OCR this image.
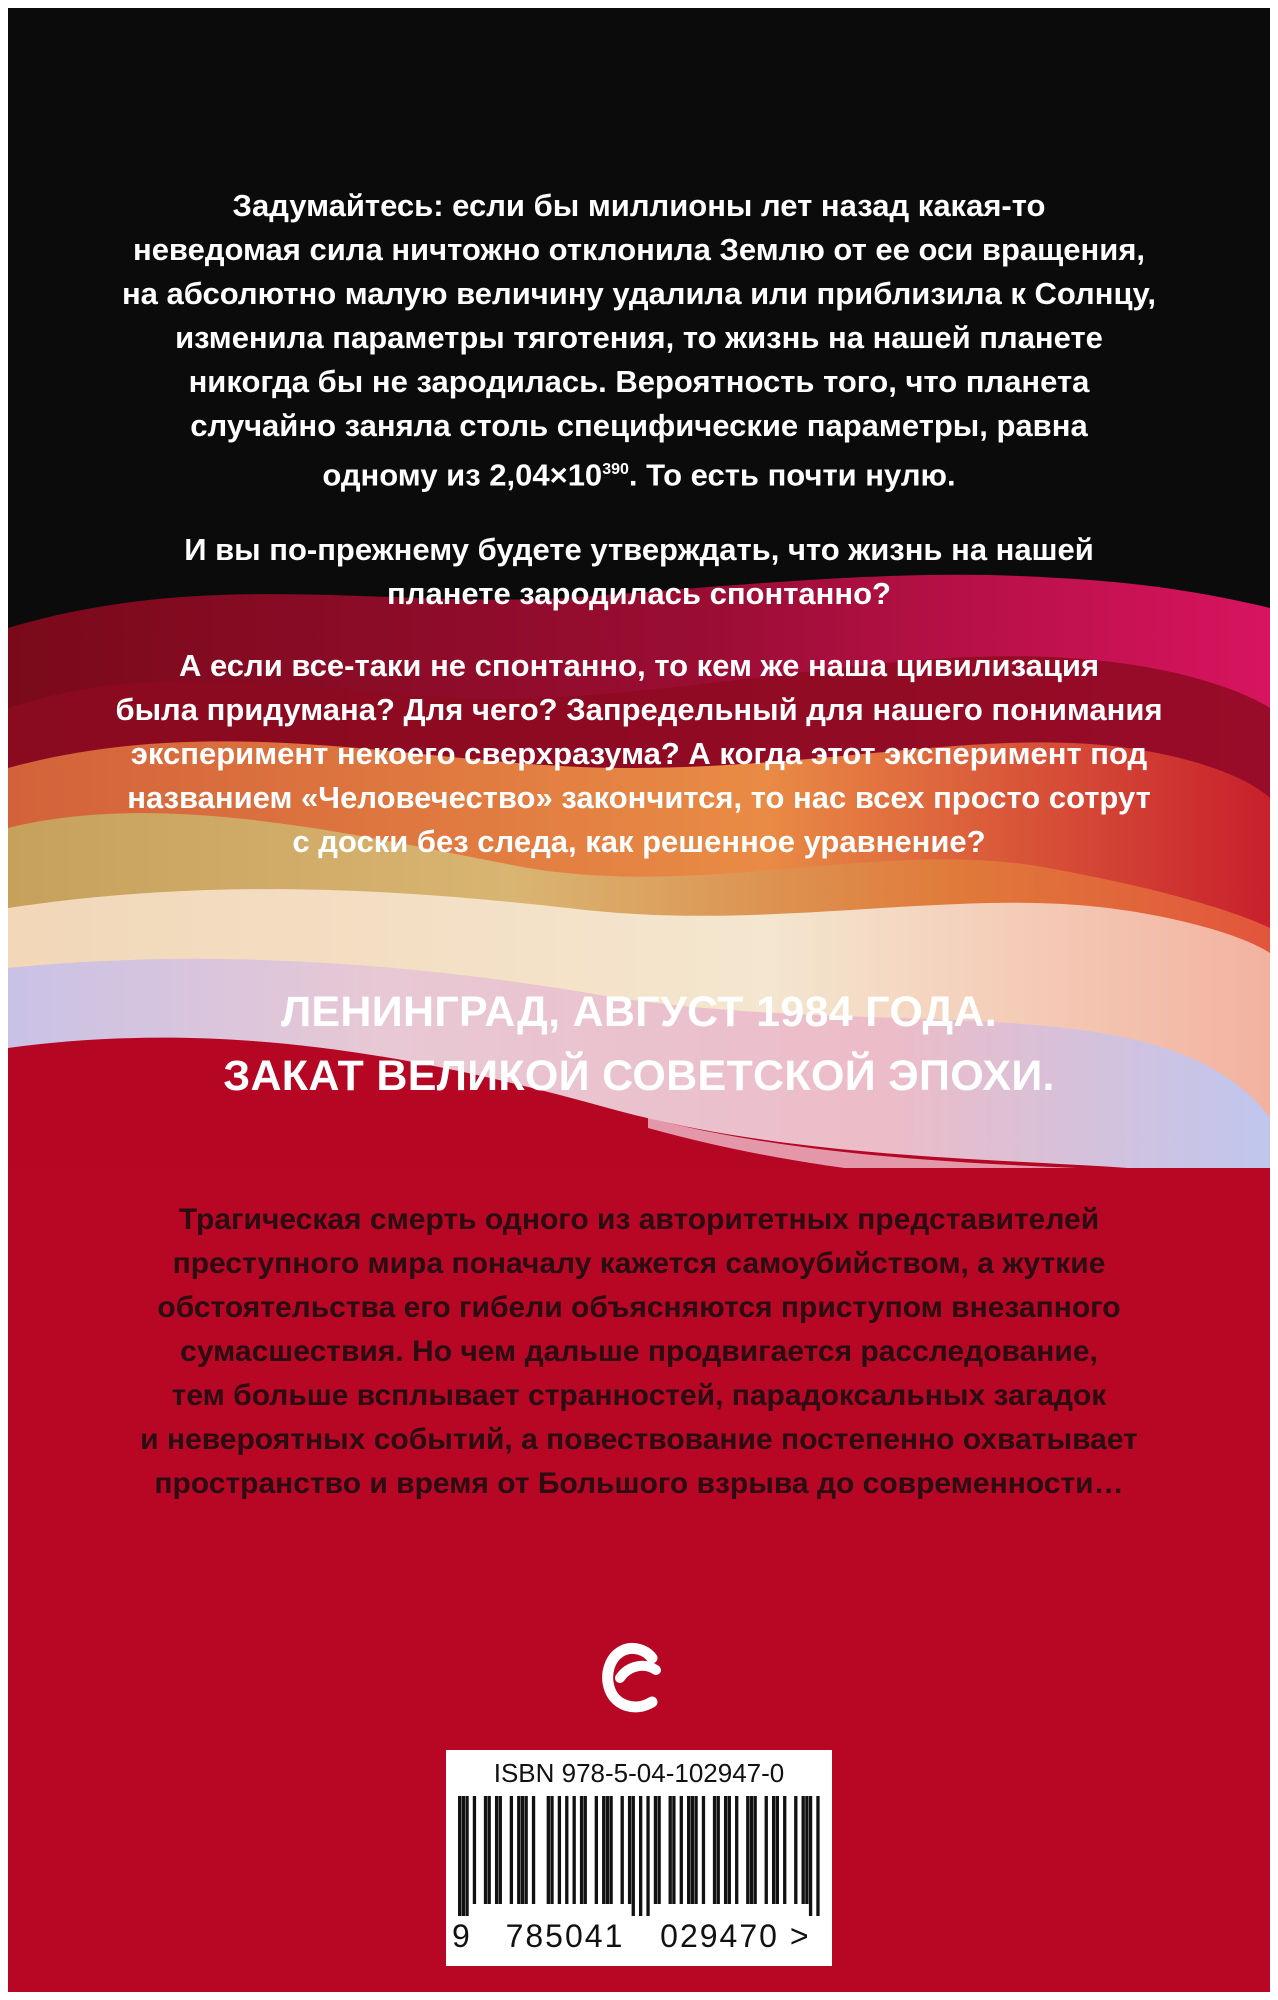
Задумайтесь: если бы миллионы лет назад какая-то
неведомая сила ничтожно отклонила Землю от ее оси вращения,
на абсолютно малую величину удалила или приблизила к Солнцу,
изменила параметры тяготения, то жизнь на нашей планете
никогда бы не зародилась. Вероятность того, что планета
случайно заняла столь специфические параметры, равна
одному из $2,04\times 10^{390}$. То есть почти нулю.
И вы по-прежнему будете утверждать, что жизнь на нашей
планете зародилась спонтанно?
А если все-таки не спонтанно, то кем же наша цивилизация
была придумана? Для чего? Запредельный для нашего понимания
эксперимент некоего сверхразума? А когда этот эксперимент под
названием «Человечество» закончится, то нас всех просто сотрут
с доски без следа, как решенное уравнение?
ЛЕНИНГРАД, АВГУСТ 1984 ГОДА.
ЗАКАТ ВЕЛИКОЙ СОВЕТСКОЙ ЭПОХИ.
Трагическая смерть одного из авторитетных представителей
преступного мира поначалу кажется самоубийством, а жуткие
обстоятельства его гибели объясняются приступом внезапного
сумасшествия. Но чем дальше продвигается расследование,
тем больше всплывает странностей, парадоксальных загадок
и невероятных событий, а повествование постепенно охватывает
пространство и время от Большого взрыва до современности…
ISBN 978-5-04-102947-0
9 785041 029470 >
